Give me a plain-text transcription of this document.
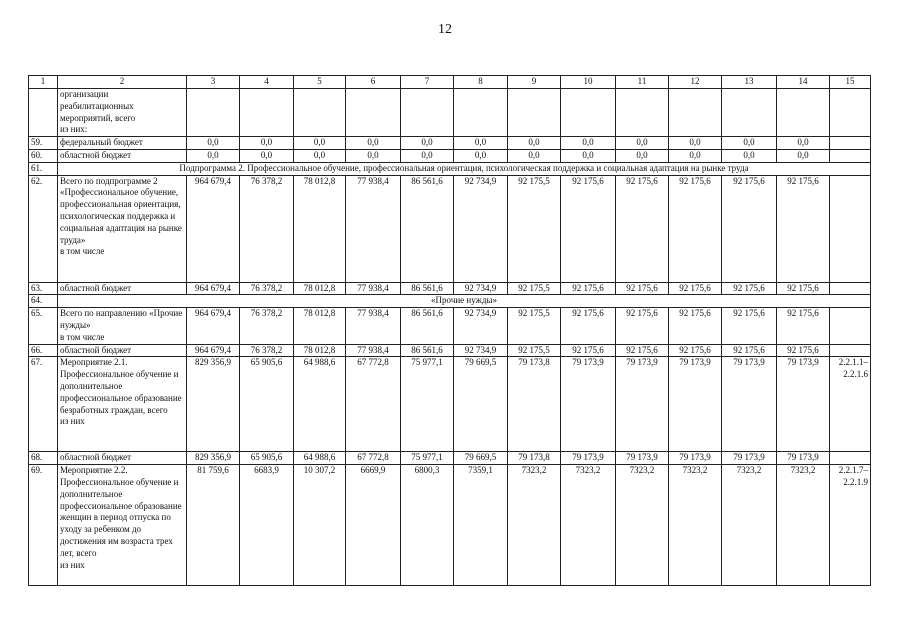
12
1	2	3	4	5	6	7	8	9	10	11	12	13	14	15
	организации
реабилитационных
мероприятий, всего
из них:													
59.	федеральный бюджет	0,0	0,0	0,0	0,0	0,0	0,0	0,0	0,0	0,0	0,0	0,0	0,0	
60.	областной бюджет	0,0	0,0	0,0	0,0	0,0	0,0	0,0	0,0	0,0	0,0	0,0	0,0	
61.	Подпрограмма 2. Профессиональное обучение, профессиональная ориентация, психологическая поддержка и социальная адаптация на рынке труда													
62.	Всего по подпрограмме 2 «Профессиональное обучение, профессиональная ориентация, психологическая поддержка и социальная адаптация на рынке труда»
в том числе	964 679,4	76 378,2	78 012,8	77 938,4	86 561,6	92 734,9	92 175,5	92 175,6	92 175,6	92 175,6	92 175,6	92 175,6	
63.	областной бюджет	964 679,4	76 378,2	78 012,8	77 938,4	86 561,6	92 734,9	92 175,5	92 175,6	92 175,6	92 175,6	92 175,6	92 175,6	
64.	«Прочие нужды»													
65.	Всего по направлению «Прочие нужды»
в том числе	964 679,4	76 378,2	78 012,8	77 938,4	86 561,6	92 734,9	92 175,5	92 175,6	92 175,6	92 175,6	92 175,6	92 175,6	
66.	областной бюджет	964 679,4	76 378,2	78 012,8	77 938,4	86 561,6	92 734,9	92 175,5	92 175,6	92 175,6	92 175,6	92 175,6	92 175,6	
67.	Мероприятие 2.1.
Профессиональное обучение и дополнительное профессиональное образование безработных граждан, всего
из них	829 356,9	65 905,6	64 988,6	67 772,8	75 977,1	79 669,5	79 173,8	79 173,9	79 173,9	79 173,9	79 173,9	79 173,9	2.2.1.1–2.2.1.6
68.	областной бюджет	829 356,9	65 905,6	64 988,6	67 772,8	75 977,1	79 669,5	79 173,8	79 173,9	79 173,9	79 173,9	79 173,9	79 173,9	
69.	Мероприятие 2.2.
Профессиональное обучение и дополнительное профессиональное образование женщин в период отпуска по уходу за ребенком до достижения им возраста трех лет, всего
из них	81 759,6	6683,9	10 307,2	6669,9	6800,3	7359,1	7323,2	7323,2	7323,2	7323,2	7323,2	7323,2	2.2.1.7–2.2.1.9
